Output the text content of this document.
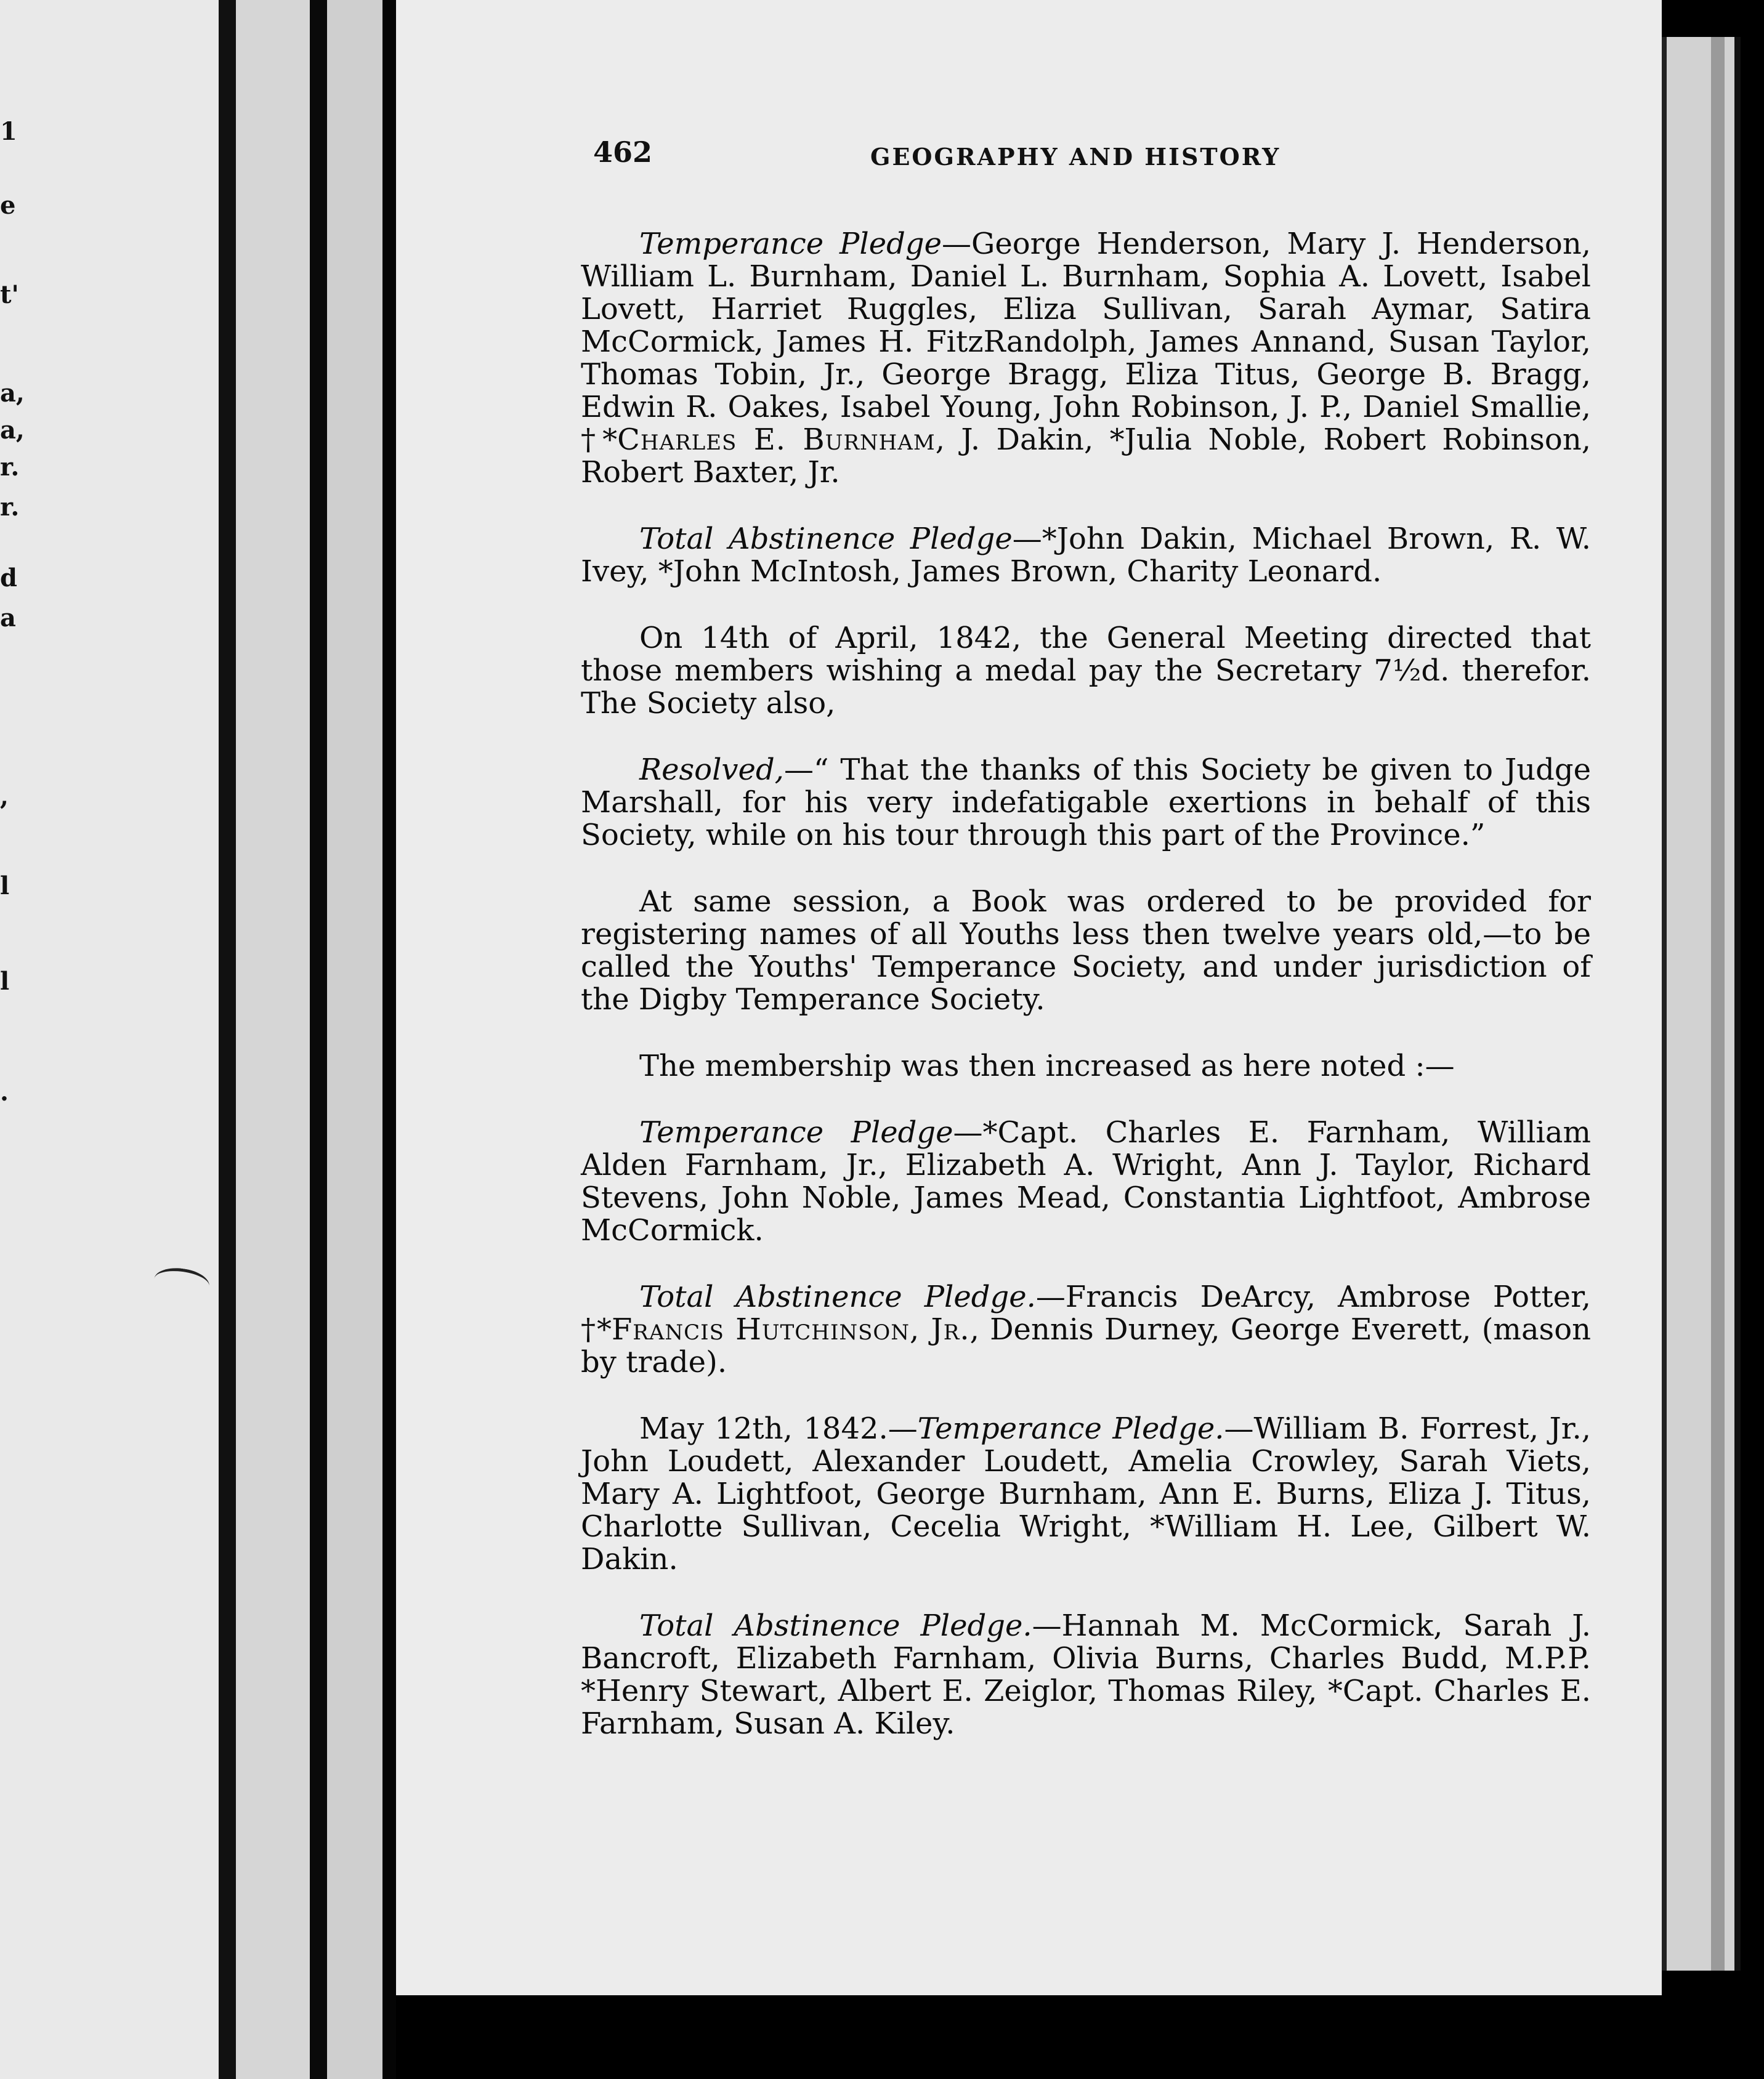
1
e
t'
a,
a,
r.
r.
d
a
,
l
l
.
462	GEOGRAPHY AND HISTORY

Temperance Pledge—George Henderson, Mary J. Henderson, William L. Burnham, Daniel L. Burnham, Sophia A. Lovett, Isabel Lovett, Harriet Ruggles, Eliza Sullivan, Sarah Aymar, Satira McCormick, James H. FitzRandolph, James Annand, Susan Taylor, Thomas Tobin, Jr., George Bragg, Eliza Titus, George B. Bragg, Edwin R. Oakes, Isabel Young, John Robinson, J. P., Daniel Smallie, †*Charles E. Burnham, J. Dakin, *Julia Noble, Robert Robinson, Robert Baxter, Jr.

Total Abstinence Pledge—*John Dakin, Michael Brown, R. W. Ivey, *John McIntosh, James Brown, Charity Leonard.

On 14th of April, 1842, the General Meeting directed that those members wishing a medal pay the Secretary 7½d. therefor. The Society also,

Resolved,—“ That the thanks of this Society be given to Judge Marshall, for his very indefatigable exertions in behalf of this Society, while on his tour through this part of the Province.”

At same session, a Book was ordered to be provided for registering names of all Youths less then twelve years old,—to be called the Youths' Temperance Society, and under jurisdiction of the Digby Temperance Society.

The membership was then increased as here noted :—

Temperance Pledge—*Capt. Charles E. Farnham, William Alden Farnham, Jr., Elizabeth A. Wright, Ann J. Taylor, Richard Stevens, John Noble, James Mead, Constantia Lightfoot, Ambrose McCormick.

Total Abstinence Pledge.—Francis DeArcy, Ambrose Potter, †*Francis Hutchinson, Jr., Dennis Durney, George Everett, (mason by trade).

May 12th, 1842.—Temperance Pledge.—William B. Forrest, Jr., John Loudett, Alexander Loudett, Amelia Crowley, Sarah Viets, Mary A. Lightfoot, George Burnham, Ann E. Burns, Eliza J. Titus, Charlotte Sullivan, Cecelia Wright, *William H. Lee, Gilbert W. Dakin.

Total Abstinence Pledge.—Hannah M. McCormick, Sarah J. Bancroft, Elizabeth Farnham, Olivia Burns, Charles Budd, M.P.P. *Henry Stewart, Albert E. Zeiglor, Thomas Riley, *Capt. Charles E. Farnham, Susan A. Kiley.
